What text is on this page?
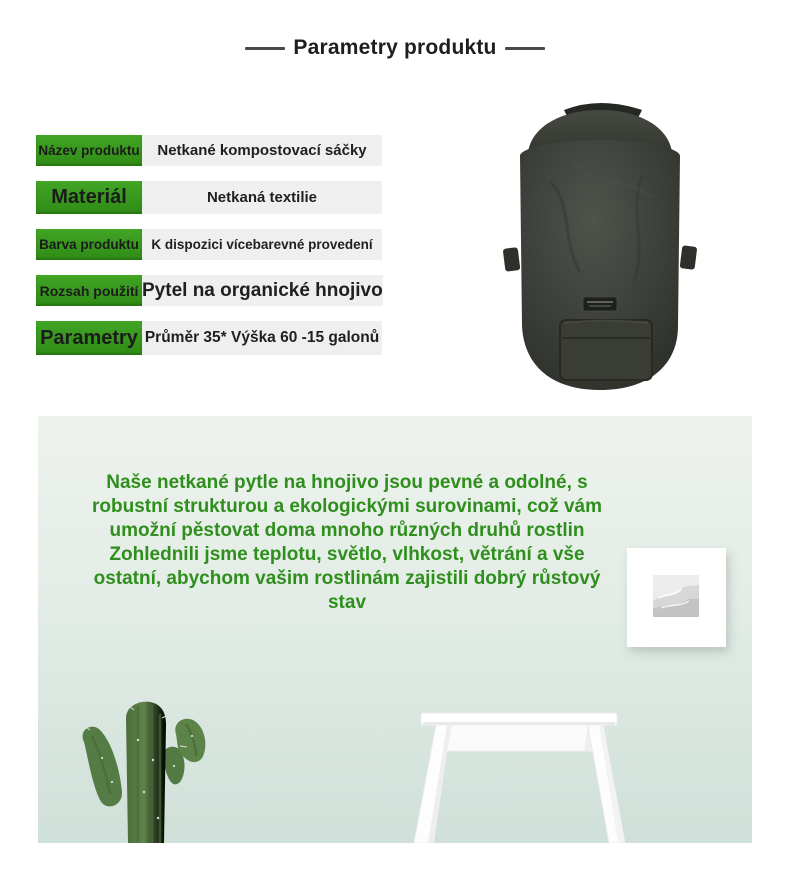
Parametry produktu
Název produktu	Netkané kompostovací sáčky
Materiál	Netkaná textilie
Barva produktu K dispozici vícebarevné provedení
Rozsah použití Pytel na organické hnojivo
Parametry Průměr 35* Výška 60 -15 galonů
Naše netkané pytle na hnojivo jsou pevné a odolné, s robustní strukturou a ekologickými surovinami, což vám umožní pěstovat doma mnoho různých druhů rostlin Zohlednili jsme teplotu, světlo, vlhkost, větrání a vše ostatní, abychom vašim rostlinám zajistili dobrý růstový stav
